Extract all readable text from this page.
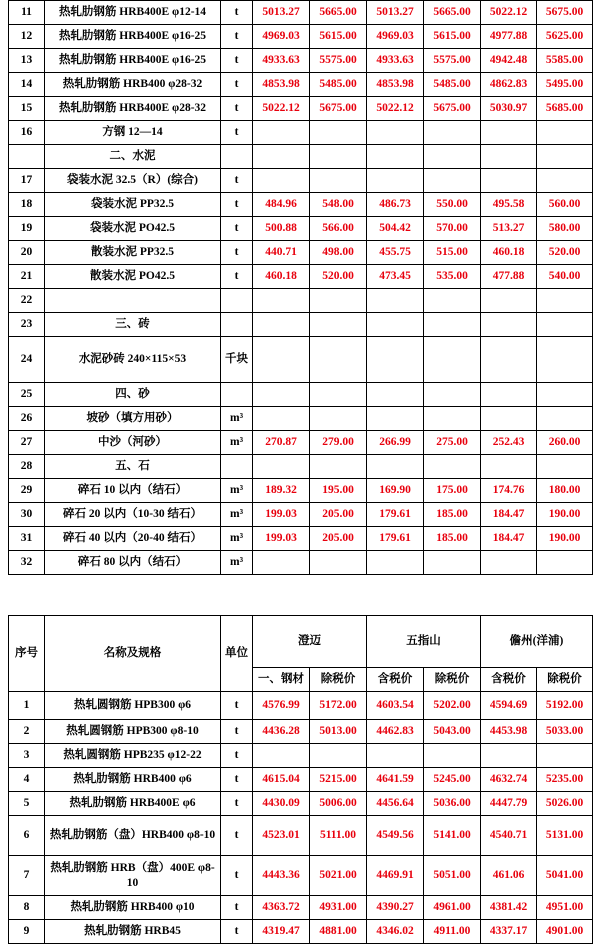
11	热轧肋钢筋 HRB400E φ12-14	t	5013.27	5665.00	5013.27	5665.00	5022.12	5675.00
12	热轧肋钢筋 HRB400E φ16-25	t	4969.03	5615.00	4969.03	5615.00	4977.88	5625.00
13	热轧肋钢筋 HRB400E φ16-25	t	4933.63	5575.00	4933.63	5575.00	4942.48	5585.00
14	热轧肋钢筋 HRB400 φ28-32	t	4853.98	5485.00	4853.98	5485.00	4862.83	5495.00
15	热轧肋钢筋 HRB400E φ28-32	t	5022.12	5675.00	5022.12	5675.00	5030.97	5685.00
16	方钢 12—14	t						
	二、水泥							
17	袋装水泥 32.5（R）(综合)	t						
18	袋装水泥 PP32.5	t	484.96	548.00	486.73	550.00	495.58	560.00
19	袋装水泥 PO42.5	t	500.88	566.00	504.42	570.00	513.27	580.00
20	散装水泥 PP32.5	t	440.71	498.00	455.75	515.00	460.18	520.00
21	散装水泥 PO42.5	t	460.18	520.00	473.45	535.00	477.88	540.00
22								
23	三、砖							
24	水泥砂砖 240×115×53	千块						
25	四、砂							
26	坡砂（填方用砂）	m³						
27	中沙（河砂）	m³	270.87	279.00	266.99	275.00	252.43	260.00
28	五、石							
29	碎石 10 以内（结石）	m³	189.32	195.00	169.90	175.00	174.76	180.00
30	碎石 20 以内（10-30 结石）	m³	199.03	205.00	179.61	185.00	184.47	190.00
31	碎石 40 以内（20-40 结石）	m³	199.03	205.00	179.61	185.00	184.47	190.00
32	碎石 80 以内（结石）	m³						
序号	名称及规格	单位	澄迈		五指山		儋州(洋浦)		
			一、钢材	除税价	含税价	除税价	含税价	除税价	
1	热轧圆钢筋 HPB300 φ6	t	4576.99	5172.00	4603.54	5202.00	4594.69	5192.00	
2	热轧圆钢筋 HPB300 φ8-10	t	4436.28	5013.00	4462.83	5043.00	4453.98	5033.00	
3	热轧圆钢筋 HPB235 φ12-22	t							
4	热轧肋钢筋 HRB400 φ6	t	4615.04	5215.00	4641.59	5245.00	4632.74	5235.00	
5	热轧肋钢筋 HRB400E φ6	t	4430.09	5006.00	4456.64	5036.00	4447.79	5026.00	
6	热轧肋钢筋（盘）HRB400 φ8-10	t	4523.01	5111.00	4549.56	5141.00	4540.71	5131.00	
7	热轧肋钢筋 HRB（盘）400E φ8-10	t	4443.36	5021.00	4469.91	5051.00	461.06	5041.00	
8	热轧肋钢筋 HRB400 φ10	t	4363.72	4931.00	4390.27	4961.00	4381.42	4951.00	
9	热轧肋钢筋 HRB45	t	4319.47	4881.00	4346.02	4911.00	4337.17	4901.00	
